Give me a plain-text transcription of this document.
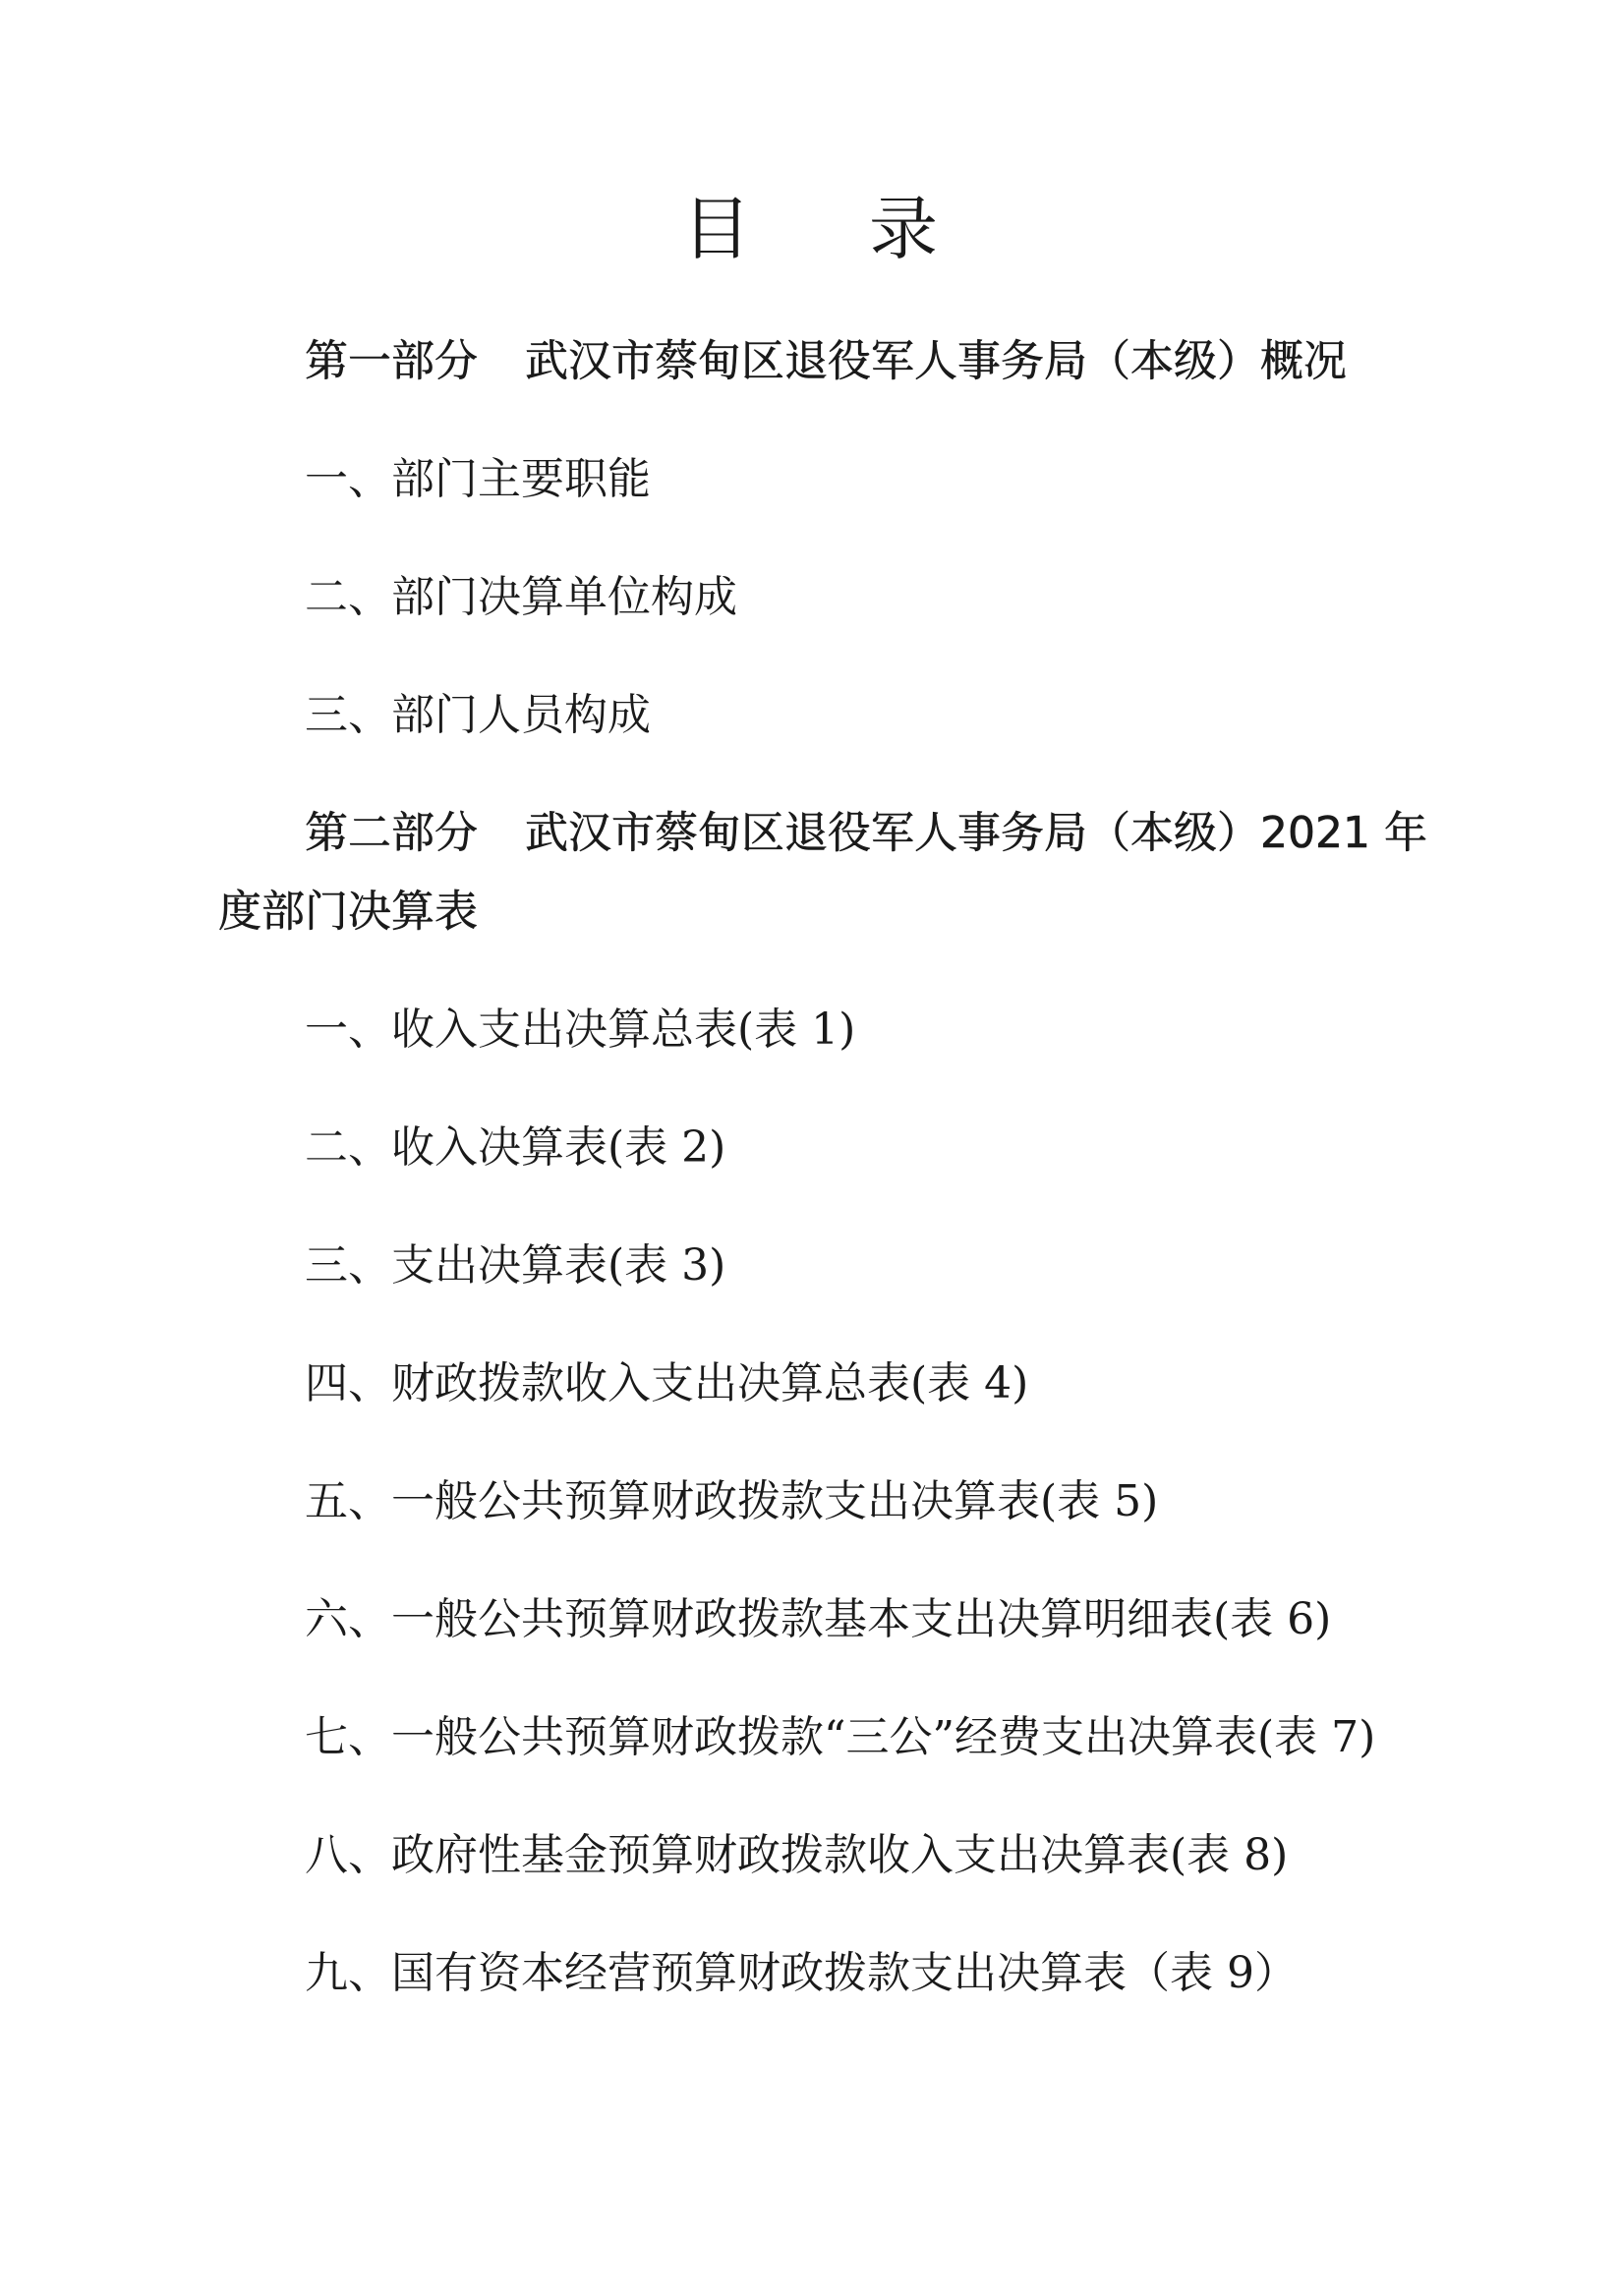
目录
第一部分 武汉市蔡甸区退役军人事务局（本级）概况
一、部门主要职能
二、部门决算单位构成
三、部门人员构成
第二部分 武汉市蔡甸区退役军人事务局（本级）2021 年
度部门决算表
一、收入支出决算总表(表 1)
二、收入决算表(表 2)
三、支出决算表(表 3)
四、财政拨款收入支出决算总表(表 4)
五、一般公共预算财政拨款支出决算表(表 5)
六、一般公共预算财政拨款基本支出决算明细表(表 6)
七、一般公共预算财政拨款“三公”经费支出决算表(表 7)
八、政府性基金预算财政拨款收入支出决算表(表 8)
九、国有资本经营预算财政拨款支出决算表（表 9）
